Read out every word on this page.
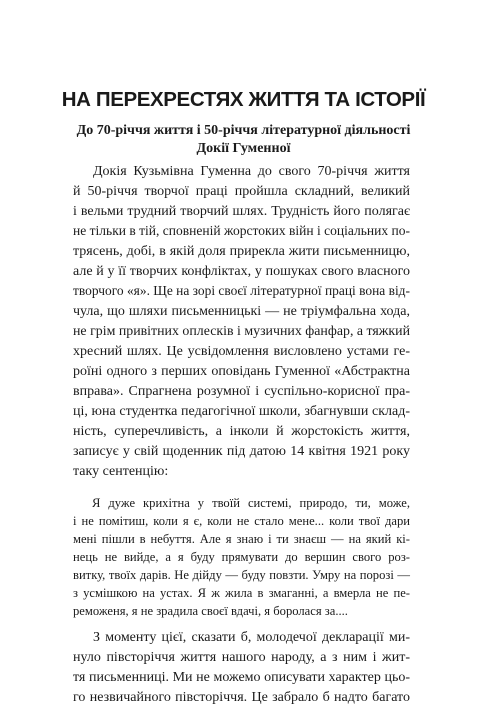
НА ПЕРЕХРЕСТЯХ ЖИТТЯ ТА ІСТОРІЇ
До 70-річчя життя і 50-річчя літературної діяльності
Докії Гуменної
Докія Кузьмівна Гуменна до свого 70-річчя життя
й 50-річчя творчої праці пройшла складний, великий
і вельми трудний творчий шлях. Трудність його полягає
не тільки в тій, сповненій жорстоких війн і соціальних по-
трясень, добі, в якій доля прирекла жити письменницю,
але й у її творчих конфліктах, у пошуках свого власного
творчого «я». Ще на зорі своєї літературної праці вона від-
чула, що шляхи письменницькі — не тріумфальна хода,
не грім привітних оплесків і музичних фанфар, а тяжкий
хресний шлях. Це усвідомлення висловлено устами ге-
роїні одного з перших оповідань Гуменної «Абстрактна
вправа». Спрагнена розумної і суспільно-корисної пра-
ці, юна студентка педагогічної школи, збагнувши склад-
ність, суперечливість, а інколи й жорстокість життя,
записує у свій щоденник під датою 14 квітня 1921 року
таку сентенцію:
Я дуже крихітна у твоїй системі, природо, ти, може,
і не помітиш, коли я є, коли не стало мене... коли твої дари
мені пішли в небуття. Але я знаю і ти знаєш — на який кі-
нець не вийде, а я буду прямувати до вершин свого роз-
витку, твоїх дарів. Не дійду — буду повзти. Умру на порозі —
з усмішкою на устах. Я ж жила в змаганні, а вмерла не пе-
реможеня, я не зрадила своєї вдачі, я боролася за....
З моменту цієї, сказати б, молодечої декларації ми-
нуло півсторіччя життя нашого народу, а з ним і жит-
тя письменниці. Ми не можемо описувати характер цьо-
го незвичайного півсторіччя. Це забрало б надто багато
